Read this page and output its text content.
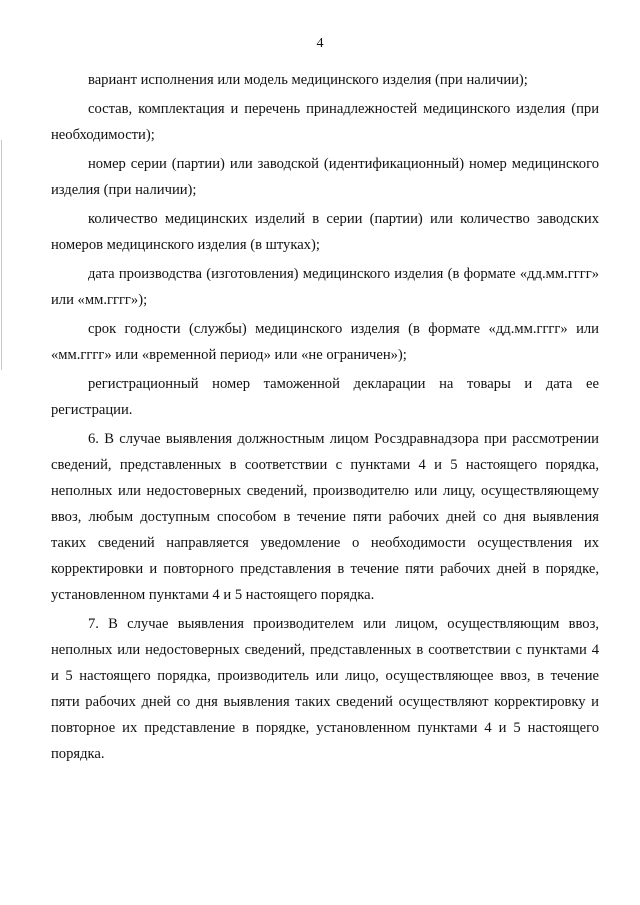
4

вариант исполнения или модель медицинского изделия (при наличии);

состав, комплектация и перечень принадлежностей медицинского изделия (при необходимости);

номер серии (партии) или заводской (идентификационный) номер медицинского изделия (при наличии);

количество медицинских изделий в серии (партии) или количество заводских номеров медицинского изделия (в штуках);

дата производства (изготовления) медицинского изделия (в формате «дд.мм.гггг» или «мм.гггг»);

срок годности (службы) медицинского изделия (в формате «дд.мм.гггг» или «мм.гггг» или «временной период» или «не ограничен»);

регистрационный номер таможенной декларации на товары и дата ее регистрации.

6. В случае выявления должностным лицом Росздравнадзора при рассмотрении сведений, представленных в соответствии с пунктами 4 и 5 настоящего порядка, неполных или недостоверных сведений, производителю или лицу, осуществляющему ввоз, любым доступным способом в течение пяти рабочих дней со дня выявления таких сведений направляется уведомление о необходимости осуществления их корректировки и повторного представления в течение пяти рабочих дней в порядке, установленном пунктами 4 и 5 настоящего порядка.

7. В случае выявления производителем или лицом, осуществляющим ввоз, неполных или недостоверных сведений, представленных в соответствии с пунктами 4 и 5 настоящего порядка, производитель или лицо, осуществляющее ввоз, в течение пяти рабочих дней со дня выявления таких сведений осуществляют корректировку и повторное их представление в порядке, установленном пунктами 4 и 5 настоящего порядка.
